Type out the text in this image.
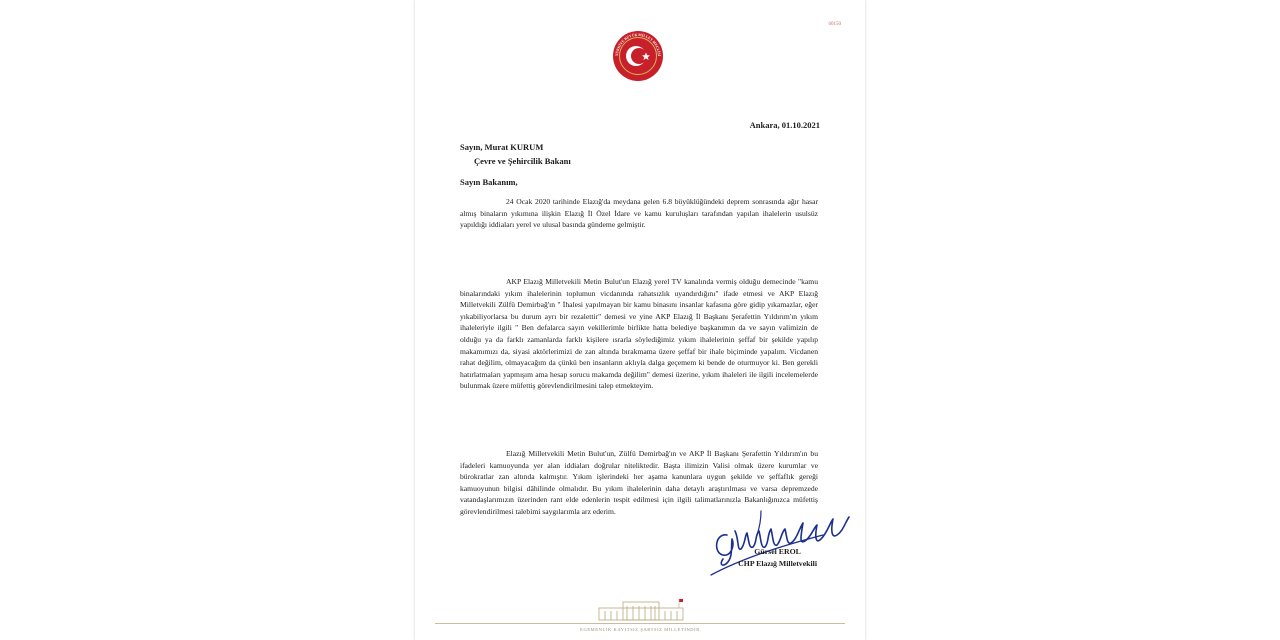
60150
TÜRKİYE BÜYÜK MİLLET MECLİSİ
Ankara, 01.10.2021
Sayın, Murat KURUM
Çevre ve Şehircilik Bakanı
Sayın Bakanım,

24 Ocak 2020 tarihinde Elazığ'da meydana gelen 6.8 büyüklüğündeki deprem sonrasında ağır hasar almış binaların yıkımına ilişkin Elazığ İl Özel İdare ve kamu kuruluşları tarafından yapılan ihalelerin usulsüz yapıldığı iddiaları yerel ve ulusal basında gündeme gelmiştir.

AKP Elazığ Milletvekili Metin Bulut'un Elazığ yerel TV kanalında vermiş olduğu demecinde "kamu binalarındaki yıkım ihalelerinin toplumun vicdanında rahatsızlık uyandırdığını" ifade etmesi ve AKP Elazığ Milletvekili Zülfü Demirbağ'ın " İhalesi yapılmayan bir kamu binasını insanlar kafasına göre gidip yıkamazlar, eğer yıkabiliyorlarsa bu durum ayrı bir rezalettir" demesi ve yine AKP Elazığ İl Başkanı Şerafettin Yıldırım'ın yıkım ihaleleriyle ilgili " Ben defalarca sayın vekillerimle birlikte hatta belediye başkanımın da ve sayın valimizin de olduğu ya da farklı zamanlarda farklı kişilere ısrarla söylediğimiz yıkım ihalelerinin şeffaf bir şekilde yapılıp makamımızı da, siyasi aktörlerimizi de zan altında bırakmama üzere şeffaf bir ihale biçiminde yapalım. Vicdanen rahat değilim, olmayacağım da çünkü ben insanların aklıyla dalga geçemem ki bende de oturmuyor ki. Ben gerekli hatırlatmaları yapmışım ama hesap sorucu makamda değilim" demesi üzerine, yıkım ihaleleri ile ilgili incelemelerde bulunmak üzere müfettiş görevlendirilmesini talep etmekteyim.

Elazığ Milletvekili Metin Bulut'un, Zülfü Demirbağ'ın ve AKP İl Başkanı Şerafettin Yıldırım'ın bu ifadeleri kamuoyunda yer alan iddiaları doğrular niteliktedir. Başta ilimizin Valisi olmak üzere kurumlar ve bürokratlar zan altında kalmıştır. Yıkım işlerindeki her aşama kanunlara uygun şekilde ve şeffaflık gereği kamuoyunun bilgisi dâhilinde olmalıdır. Bu yıkım ihalelerinin daha detaylı araştırılması ve varsa depremzede vatandaşlarımızın üzerinden rant elde edenlerin tespit edilmesi için ilgili talimatlarınızla Bakanlığınızca müfettiş görevlendirilmesi talebimi saygılarımla arz ederim.

Gürsel EROL
CHP Elazığ Milletvekili
EGEMENLİK KAYITSIZ ŞARTSIZ MİLLETİNDİR
